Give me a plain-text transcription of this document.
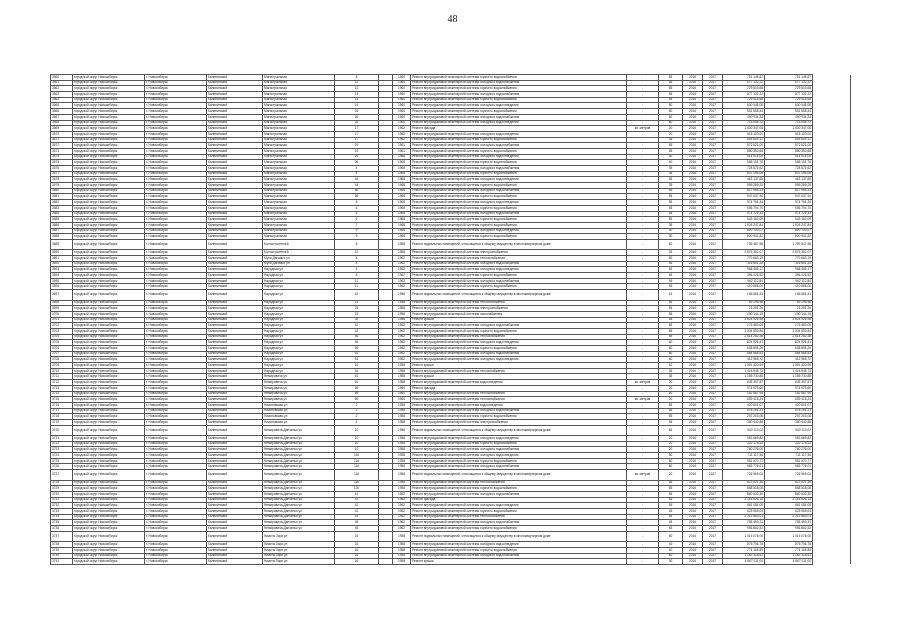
48
3660	городской округ Новосибирск	г. Новосибирск	Калининский	Магистральная	8		1960	Ремонт внутридомовой инженерной системы горячего водоснабжения	-	55	2016	2017	751 145,57	751 145,57	
3661	городской округ Новосибирск	г. Новосибирск	Калининский	Магистральная	12		1960	Ремонт внутридомовой инженерной системы холодного водоснабжения	-	55	2016	2017	577 132,22	577 132,22	
3662	городской округ Новосибирск	г. Новосибирск	Калининский	Магистральная	12		1960	Ремонт внутридомовой инженерной системы горячего водоснабжения	-	55	2016	2017	729 515,68	729 515,68	
3663	городской округ Новосибирск	г. Новосибирск	Калининский	Магистральная	14		1960	Ремонт внутридомовой инженерной системы холодного водоснабжения	-	55	2016	2017	577 132,22	577 132,22	
3664	городской округ Новосибирск	г. Новосибирск	Калининский	Магистральная	14		1960	Ремонт внутридомовой инженерной системы горячего водоснабжения	-	55	2016	2017	729 515,68	729 515,68	
3665	городской округ Новосибирск	г. Новосибирск	Калининский	Магистральная	14		1960	Ремонт внутридомовой инженерной системы холодного водоотведения	-	50	2016	2017	600 546,08	600 546,08	
3666	городской округ Новосибирск	г. Новосибирск	Калининский	Магистральная	16		1960	Ремонт внутридомовой инженерной системы горячего водоснабжения	-	50	2016	2017	551 658,44	551 658,44	
3667	городской округ Новосибирск	г. Новосибирск	Калининский	Магистральная	16		1960	Ремонт внутридомовой инженерной системы холодного водоснабжения	-	50	2016	2017	490 934,33	490 934,33	
3668	городской округ Новосибирск	г. Новосибирск	Калининский	Магистральная	16		1960	Ремонт внутридомовой инженерной системы холодного водоотведения	-	50	2016	2017	713 546,72	713 546,72	
3669	городской округ Новосибирск	г. Новосибирск	Калининский	Магистральная	17		1962	Ремонт фасада	кв. метров	20	2016	2017	1 600 347,06	1 600 347,06	
3670	городской округ Новосибирск	г. Новосибирск	Калининский	Магистральная	17		1962	Ремонт внутридомовой инженерной системы холодного водоотведения	-	20	2016	2017	616 100,00	616 100,00	
3671	городской округ Новосибирск	г. Новосибирск	Калининский	Магистральная	17		1962	Ремонт внутридомовой инженерной системы горячего водоснабжения	-	35	2016	2017	805 609,17	805 609,17	
3672	городской округ Новосибирск	г. Новосибирск	Калининский	Магистральная	19		1961	Ремонт внутридомовой инженерной системы холодного водоснабжения	-	55	2016	2017	572 521,00	572 521,00	
3673	городской округ Новосибирск	г. Новосибирск	Калининский	Магистральная	19		1961	Ремонт внутридомовой инженерной системы горячего водоснабжения	-	55	2016	2017	580 350,68	580 350,68	
3674	городской округ Новосибирск	г. Новосибирск	Калининский	Магистральная	26		1968	Ремонт внутридомовой инженерной системы холодного водоотведения	-	40	2016	2017	614 014,00	614 014,00	
3675	городской округ Новосибирск	г. Новосибирск	Калининский	Магистральная	26		1968	Ремонт внутридомовой инженерной системы горячего водоснабжения	-	40	2016	2017	558 151,76	558 151,76	
3676	городской округ Новосибирск	г. Новосибирск	Калининский	Магистральная	4		1968	Ремонт внутридомовой инженерной системы холодного водоснабжения	-	35	2016	2017	728 576,62	728 576,62	
3677	городской округ Новосибирск	г. Новосибирск	Калининский	Магистральная	4		1968	Ремонт внутридомовой инженерной системы горячего водоснабжения	-	35	2016	2017	647 096,08	647 096,08	
3678	городской округ Новосибирск	г. Новосибирск	Калининский	Магистральная	44		1968	Ремонт внутридомовой инженерной системы холодного водоотведения	-	35	2016	2017	463 137,65	463 137,65	
3679	городской округ Новосибирск	г. Новосибирск	Калининский	Магистральная	44		1968	Ремонт внутридомовой инженерной системы горячего водоснабжения	-	35	2016	2017	559 289,25	559 289,25	
3680	городской округ Новосибирск	г. Новосибирск	Калининский	Магистральная	56		1968	Ремонт внутридомовой инженерной системы холодного водоснабжения	-	55	2016	2017	617 964,23	617 964,23	
3681	городской округ Новосибирск	г. Новосибирск	Калининский	Магистральная	56		1968	Ремонт внутридомовой инженерной системы горячего водоснабжения	-	55	2016	2017	947 637,44	947 637,44	
3682	городской округ Новосибирск	г. Новосибирск	Калининский	Магистральная	6		1968	Ремонт внутридомовой инженерной системы холодного водоотведения	-	55	2016	2017	574 751,34	574 751,34	
3683	городской округ Новосибирск	г. Новосибирск	Калининский	Магистральная	6		1968	Ремонт внутридомовой инженерной системы горячего водоснабжения	-	55	2016	2017	556 794,70	556 794,70	
3684	городской округ Новосибирск	г. Новосибирск	Калининский	Магистральная	6		1968	Ремонт внутридомовой инженерной системы холодного водоснабжения	-	55	2016	2017	574 725,43	574 725,43	
3685	городской округ Новосибирск	г. Новосибирск	Калининский	Магистральная	6		1968	Ремонт внутридомовой инженерной системы горячего водоснабжения	-	55	2016	2017	543 160,09	543 160,09	
3686	городской округ Новосибирск	г. Новосибирск	Калининский	Магистральная	7		1968	Ремонт внутридомовой инженерной системы горячего водоснабжения	-	35	2016	2017	1 005 247,84	1 005 247,84	
3687	городской округ Новосибирск	г. Новосибирск	Калининский	Магистральная	9		1968	Ремонт внутридомовой инженерной системы холодного водоотведения	-	30	2016	2017	800 700,07	800 700,07	
3688	городской округ Новосибирск	г. Новосибирск	Калининский	Магистральная	9		1968	Ремонт внутридомовой инженерной системы горячего водоснабжения	-	30	2016	2017	820 941,82	820 941,82	
3689	городской округ Новосибирск	г. Новосибирск	Калининский	Мотостроителей	8		1958	Ремонт подвальных помещений, относящихся к общему имуществу в многоквартирном доме	-	60	2016	2017	755 467,58	1 789 547,58	
3690	городской округ Новосибирск	г. Новосибирск	Калининский	Мотостроителей	12		1958	Ремонт внутридомовой инженерной системы электроснабжения	-	35	2016	2017	2 676 352,07	2 676 352,07	
3691	городской округ Новосибирск	г. Новосибирск	Калининский	Мухи Дагомыс ул	4		1962	Ремонт внутридомовой инженерной системы теплоснабжения	-	50	2016	2017	770 663,19	770 663,19	
3692	городской округ Новосибирск	г. Новосибирск	Калининский	Мухи Дагомыс ул	4		1962	Ремонт внутридомовой инженерной системы холодного водоснабжения	-	45	2016	2017	116 651,25	116 651,25	
3693	городской округ Новосибирск	г. Новосибирск	Калининский	Народная ул	5		1962	Ремонт внутридомовой инженерной системы холодного водоотведения	-	45	2016	2017	968 485,17	968 485,17	
3694	городской округ Новосибирск	г. Новосибирск	Калининский	Народная ул	5		1962	Ремонт внутридомовой инженерной системы горячего водоснабжения	-	45	2016	2017	396 476,52	396 476,52	
3695	городской округ Новосибирск	г. Новосибирск	Калининский	Народная ул	11		1962	Ремонт внутридомовой инженерной системы холодного водоснабжения	-	45	2016	2017	962 112,84	962 112,84	
3696	городской округ Новосибирск	г. Новосибирск	Калининский	Народная ул	11		1962	Ремонт внутридомовой инженерной системы горячего водоснабжения	-	45	2016	2017	410 868,00	410 868,00	
3697	городской округ Новосибирск	г. Новосибирск	Калининский	Народная ул	15		1958	Ремонт подвальных помещений, относящихся к общему имуществу в многоквартирном доме	-	15	2016	2017	165 881,31	165 881,31	
3698	городской округ Новосибирск	г. Новосибирск	Калининский	Народная ул	23		1958	Ремонт внутридомовой инженерной системы теплоснабжения	-	55	2016	2017	69 295,56	69 295,56	
3699	городской округ Новосибирск	г. Новосибирск	Калининский	Народная ул	23		1958	Ремонт внутридомовой инженерной системы электроснабжения	-	55	2016	2017	76 251,25	76 251,25	
3700	городской округ Новосибирск	г. Новосибирск	Калининский	Народная ул	23		1958	Ремонт внутридомовой инженерной системы газоснабжения	-	55	2016	2017	150 144,15	150 144,15	
3701	городской округ Новосибирск	г. Новосибирск	Калининский	Народная ул	32		1958	Ремонт крыши	-	55	2016	2017	3 624 926,98	3 624 926,98	
3702	городской округ Новосибирск	г. Новосибирск	Калининский	Народная ул	42		1962	Ремонт внутридомовой инженерной системы холодного водоснабжения	-	65	2016	2017	175 460,05	175 460,05	
3703	городской округ Новосибирск	г. Новосибирск	Калининский	Народная ул	42		1962	Ремонт внутридомовой инженерной системы горячего водоснабжения	-	65	2016	2017	1 004 550,84	1 004 550,84	
3704	городской округ Новосибирск	г. Новосибирск	Калининский	Народная ул	46		1962	Ремонт внутридомовой инженерной системы теплоснабжения	-	65	2016	2017	2 614 262,38	2 614 262,38	
3705	городской округ Новосибирск	г. Новосибирск	Калининский	Народная ул	46		1962	Ремонт внутридомовой инженерной системы холодного водоотведения	-	60	2016	2017	824 926,41	824 926,41	
3706	городской округ Новосибирск	г. Новосибирск	Калининский	Народная ул	50		1962	Ремонт внутридомовой инженерной системы горячего водоснабжения	-	60	2016	2017	608 895,29	608 895,29	
3707	городской округ Новосибирск	г. Новосибирск	Калининский	Народная ул	51		1962	Ремонт внутридомовой инженерной системы холодного водоснабжения	-	60	2016	2017	664 566,53	664 566,53	
3708	городской округ Новосибирск	г. Новосибирск	Калининский	Народная ул	51		1962	Ремонт внутридомовой инженерной системы холодного водоотведения	-	60	2016	2017	412 965,72	412 965,72	
3709	городской округ Новосибирск	г. Новосибирск	Калининский	Народная ул	61		1958	Ремонт крыши	-	40	2016	2017	1 051 420,69	1 051 420,69	
3710	городской округ Новосибирск	г. Новосибирск	Калининский	Народная ул	61		1958	Ремонт внутридомовой инженерной системы теплоснабжения	-	35	2016	2017	1 418 945,73	1 418 945,73	
3711	городской округ Новосибирск	г. Новосибирск	Калининский	Немировича ул	61		1958	Ремонт крыши	-	35	2016	2017	1 155 730,88	1 155 730,88	
3712	городской округ Новосибирск	г. Новосибирск	Калининский	Немировича ул	61		1958	Ремонт внутридомовой инженерной системы водоотведения	кв. метров	20	2016	2017	645 497,57	645 497,57	
3713	городской округ Новосибирск	г. Новосибирск	Калининский	Немировича ул	69		1960	Ремонт фасада	-	20	2016	2017	974 975,69	974 975,69	
3714	городской округ Новосибирск	г. Новосибирск	Калининский	Немировича ул	69		1960	Ремонт внутридомовой инженерной системы теплоснабжения	-	50	2016	2017	152 567,94	152 567,94	
3715	городской округ Новосибирск	г. Новосибирск	Калининский	Немировича ул	69		1960	Ремонт внутридомовой инженерной системы теплоснабжения	кв. метров	20	2016	2017	659 418,24	659 418,24	
3716	городской округ Новосибирск	г. Новосибирск	Калининский	Никоновская ул	2		1958	Ремонт внутридомовой инженерной системы водоотведения	-	55	2016	2017	420 601,07	420 601,07	
3717	городской округ Новосибирск	г. Новосибирск	Калининский	Никоновская ул	2		1958	Ремонт внутридомовой инженерной системы холодного водоснабжения	-	55	2016	2017	578 261,21	578 261,21	
3718	городской округ Новосибирск	г. Новосибирск	Калининский	Никоновская ул	2		1958	Ремонт внутридомовой инженерной системы горячего водоснабжения	-	55	2016	2017	257 203,08	257 203,08	
3719	городской округ Новосибирск	г. Новосибирск	Калининский	Никоновская ул	4		1958	Ремонт внутридомовой инженерной системы электроснабжения	-	35	2016	2017	380 440,88	380 440,88	
3720	городской округ Новосибирск	г. Новосибирск	Калининский	Немировича-Данченко ул	10		1958	Ремонт подвальных помещений, относящихся к общему имуществу в многоквартирном доме	-	65	2016	2017	540 113,02	540 113,02	
3721	городской округ Новосибирск	г. Новосибирск	Калининский	Немировича-Данченко ул	10		1958	Ремонт внутридомовой инженерной системы холодного водоотведения	-	20	2016	2017	363 669,82	363 669,82	
3722	городской округ Новосибирск	г. Новосибирск	Калининский	Немировича-Данченко ул	10		1958	Ремонт внутридомовой инженерной системы горячего водоснабжения	-	20	2016	2017	322 175,14	322 175,14	
3723	городской округ Новосибирск	г. Новосибирск	Калининский	Немировича-Данченко ул	10		1958	Ремонт внутридомовой инженерной системы холодного водоснабжения	-	20	2016	2017	760 276,00	760 276,00	
3724	городской округ Новосибирск	г. Новосибирск	Калининский	Немировича-Данченко ул	116		1958	Ремонт внутридомовой инженерной системы холодного водоотведения	-	50	2016	2017	711 117,56	711 117,56	
3725	городской округ Новосибирск	г. Новосибирск	Калининский	Немировича-Данченко ул	116		1958	Ремонт внутридомовой инженерной системы горячего водоснабжения	-	50	2016	2017	551 570,77	551 570,77	
3726	городской округ Новосибирск	г. Новосибирск	Калининский	Немировича-Данченко ул	116		1958	Ремонт внутридомовой инженерной системы холодного водоснабжения	-	50	2016	2017	665 776,01	665 776,01	
3727	городской округ Новосибирск	г. Новосибирск	Калининский	Немировича-Данченко ул	116		1958	Ремонт подвальных помещений, относящихся к общему имуществу в многоквартирном доме	кв. метров	20	2016	2017	726 969,03	726 969,03	
3728	городской округ Новосибирск	г. Новосибирск	Калининский	Немировича-Данченко ул	116		1958	Ремонт внутридомовой инженерной системы теплоснабжения	-	55	2016	2017	527 521,36	527 521,36	
3729	городской округ Новосибирск	г. Новосибирск	Калининский	Немировича-Данченко ул	120		1958	Ремонт внутридомовой инженерной системы горячего водоснабжения	-	55	2016	2017	568 518,08	568 518,08	
3730	городской округ Новосибирск	г. Новосибирск	Калининский	Немировича-Данченко ул	41		1962	Ремонт внутридомовой инженерной системы холодного водоснабжения	-	65	2016	2017	860 630,30	860 630,30	
3731	городской округ Новосибирск	г. Новосибирск	Калининский	Немировича-Данченко ул	41		1962	Ремонт фасада	-	45	2016	2017	2 145 626,14	2 145 626,14	
3732	городской округ Новосибирск	г. Новосибирск	Калининский	Немировича-Данченко ул	41		1962	Ремонт внутридомовой инженерной системы холодного водоотведения	-	45	2016	2017	681 084,05	681 084,05	
3733	городской округ Новосибирск	г. Новосибирск	Калининский	Немировича-Данченко ул	41		1962	Ремонт внутридомовой инженерной системы горячего водоснабжения	-	45	2016	2017	625 969,04	625 969,04	
3734	городской округ Новосибирск	г. Новосибирск	Калининский	Немировича-Данченко ул	41		1962	Ремонт внутридомовой инженерной системы теплоснабжения	-	45	2016	2017	2 712 860,01	2 712 860,01	
3735	городской округ Новосибирск	г. Новосибирск	Калининский	Немировича-Данченко ул	45		1962	Ремонт внутридомовой инженерной системы холодного водоснабжения	-	45	2016	2017	755 493,31	755 493,31	
3736	городской округ Новосибирск	г. Новосибирск	Калининский	Немировича-Данченко ул	45		1962	Ремонт внутридомовой инженерной системы горячего водоснабжения	-	45	2016	2017	956 862,52	956 862,52	
3737	городской округ Новосибирск	г. Новосибирск	Калининский	Никиты Заро ул	16		1958	Ремонт подвальных помещений, относящихся к общему имуществу в многоквартирном доме	-	60	2016	2017	1 016 075,00	1 016 075,00	
3738	городской округ Новосибирск	г. Новосибирск	Калининский	Никиты Заро ул	16		1958	Ремонт внутридомовой инженерной системы холодного водоотведения	-	40	2016	2017	976 706,78	976 706,78	
3739	городской округ Новосибирск	г. Новосибирск	Калининский	Никиты Заро ул	16		1958	Ремонт внутридомовой инженерной системы горячего водоснабжения	-	40	2016	2017	774 165,85	774 165,85	
3740	городской округ Новосибирск	г. Новосибирск	Калининский	Никиты Заро ул	16		1958	Ремонт внутридомовой инженерной системы холодного водоснабжения	-	40	2016	2017	1 183 316,61	1 183 316,61	
3741	городской округ Новосибирск	г. Новосибирск	Калининский	Никиты Заро ул	16		1958	Ремонт крыши	-	30	2016	2017	1 667 011,00	1 667 011,00	
